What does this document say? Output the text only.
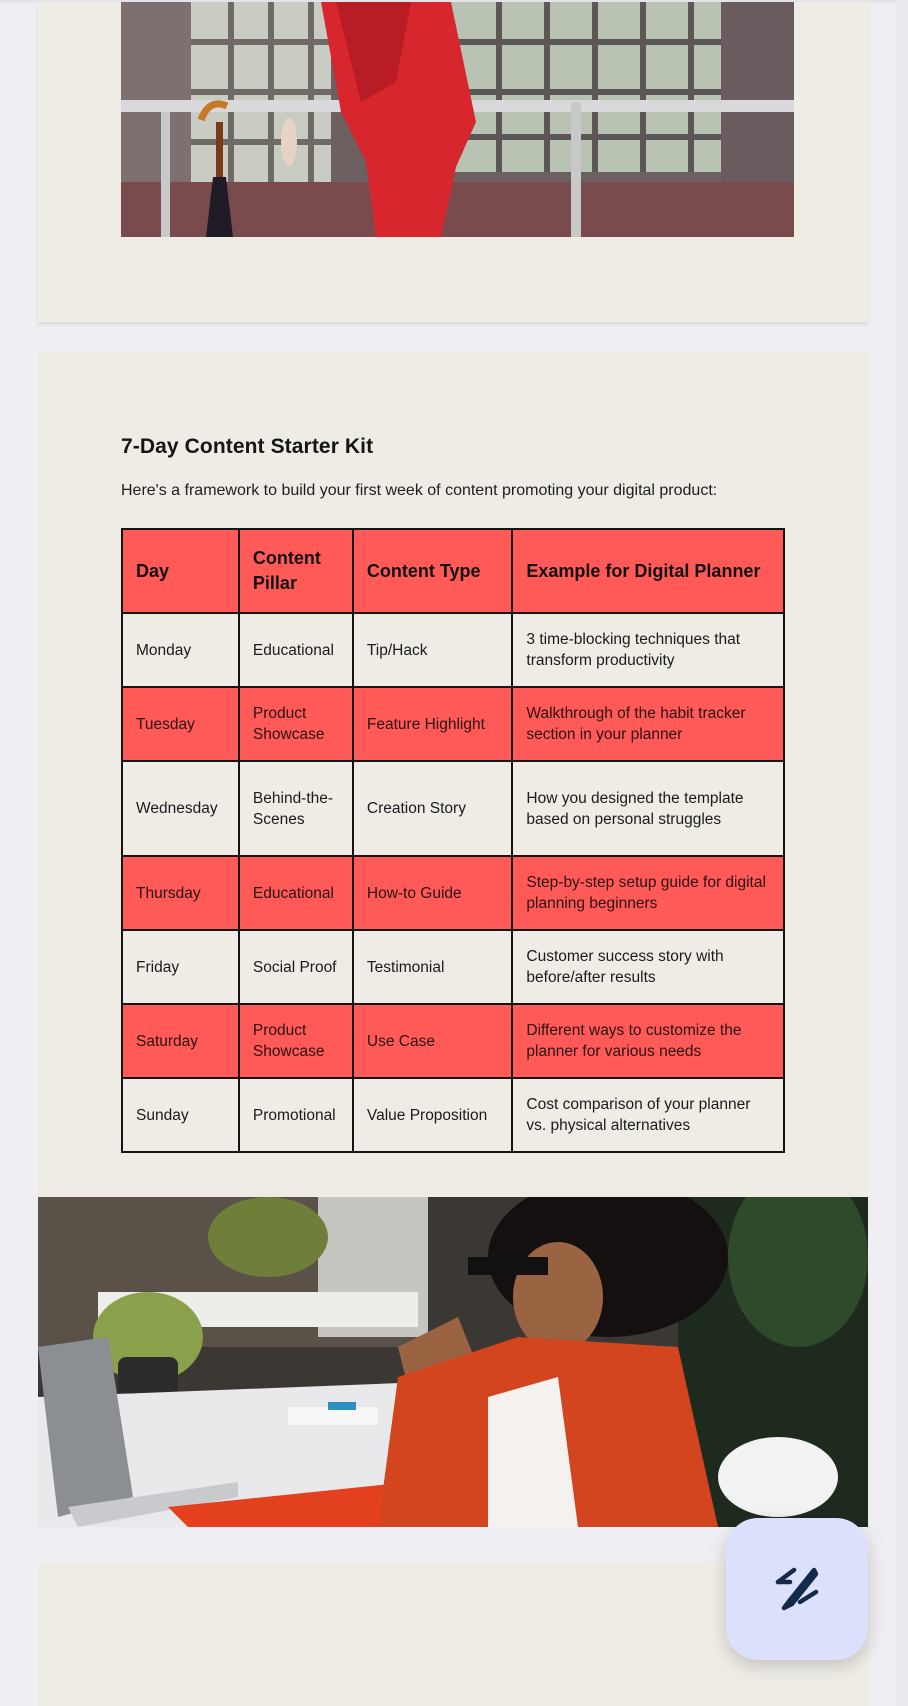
7-Day Content Starter Kit

Here's a framework to build your first week of content promoting your digital product:

Day	Content Pillar	Content Type	Example for Digital Planner
Monday	Educational	Tip/Hack	3 time-blocking techniques that transform productivity
Tuesday	Product Showcase	Feature Highlight	Walkthrough of the habit tracker section in your planner
Wednesday	Behind-the-Scenes	Creation Story	How you designed the template based on personal struggles
Thursday	Educational	How-to Guide	Step-by-step setup guide for digital planning beginners
Friday	Social Proof	Testimonial	Customer success story with before/after results
Saturday	Product Showcase	Use Case	Different ways to customize the planner for various needs
Sunday	Promotional	Value Proposition	Cost comparison of your planner vs. physical alternatives
